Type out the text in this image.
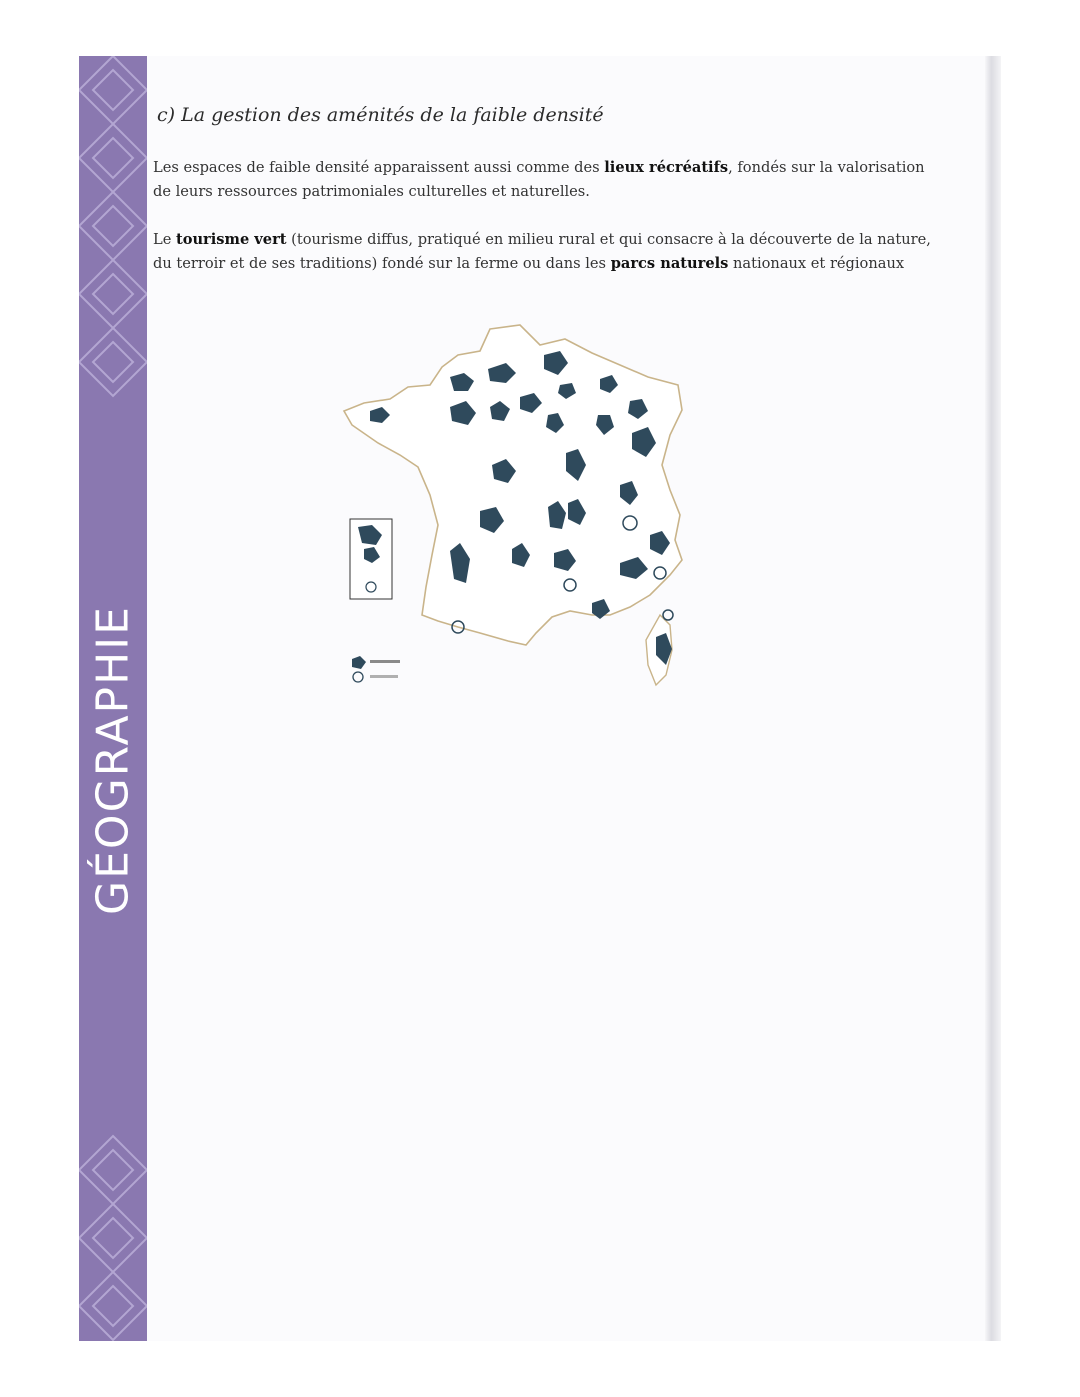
GÉOGRAPHIE
c) La gestion des aménités de la faible densité

Les espaces de faible densité apparaissent aussi comme des lieux récréatifs, fondés sur la valorisation de leurs ressources patrimoniales culturelles et naturelles.

Le tourisme vert (tourisme diffus, pratiqué en milieu rural et qui consacre à la découverte de la nature, du terroir et de ses traditions) fondé sur la ferme ou dans les parcs naturels nationaux et régionaux
